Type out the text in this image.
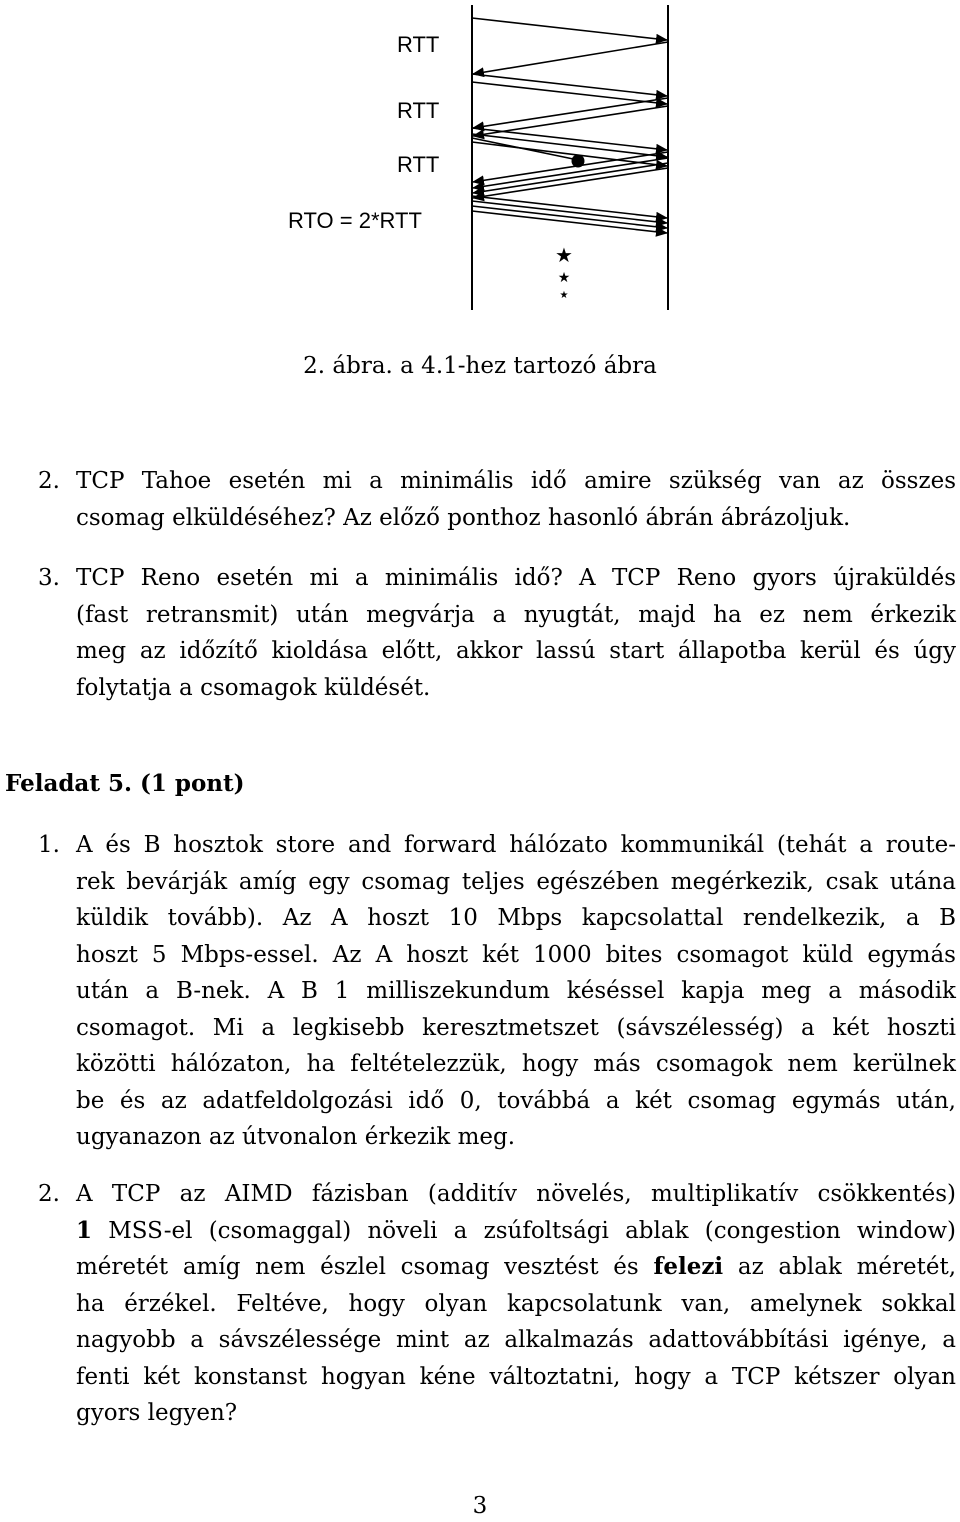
★
★
★
RTT
RTT
RTT
RTO = 2*RTT
2. ábra. a 4.1-hez tartozó ábra
2. TCP Tahoe esetén mi a minimális idő amire szükség van az összes
csomag elküldéséhez? Az előző ponthoz hasonló ábrán ábrázoljuk.
3. TCP Reno esetén mi a minimális idő? A TCP Reno gyors újraküldés
(fast retransmit) után megvárja a nyugtát, majd ha ez nem érkezik
meg az időzítő kioldása előtt, akkor lassú start állapotba kerül és úgy
folytatja a csomagok küldését.
Feladat 5. (1 pont)
1. A és B hosztok store and forward hálózato kommunikál (tehát a route-
rek bevárják amíg egy csomag teljes egészében megérkezik, csak utána
küldik tovább). Az A hoszt 10 Mbps kapcsolattal rendelkezik, a B
hoszt 5 Mbps-essel. Az A hoszt két 1000 bites csomagot küld egymás
után a B-nek. A B 1 milliszekundum késéssel kapja meg a második
csomagot. Mi a legkisebb keresztmetszet (sávszélesség) a két hoszti
közötti hálózaton, ha feltételezzük, hogy más csomagok nem kerülnek
be és az adatfeldolgozási idő 0, továbbá a két csomag egymás után,
ugyanazon az útvonalon érkezik meg.
2. A TCP az AIMD fázisban (additív növelés, multiplikatív csökkentés)
1 MSS-el (csomaggal) növeli a zsúfoltsági ablak (congestion window)
méretét amíg nem észlel csomag vesztést és felezi az ablak méretét,
ha érzékel. Feltéve, hogy olyan kapcsolatunk van, amelynek sokkal
nagyobb a sávszélessége mint az alkalmazás adattovábbítási igénye, a
fenti két konstanst hogyan kéne változtatni, hogy a TCP kétszer olyan
gyors legyen?
3
